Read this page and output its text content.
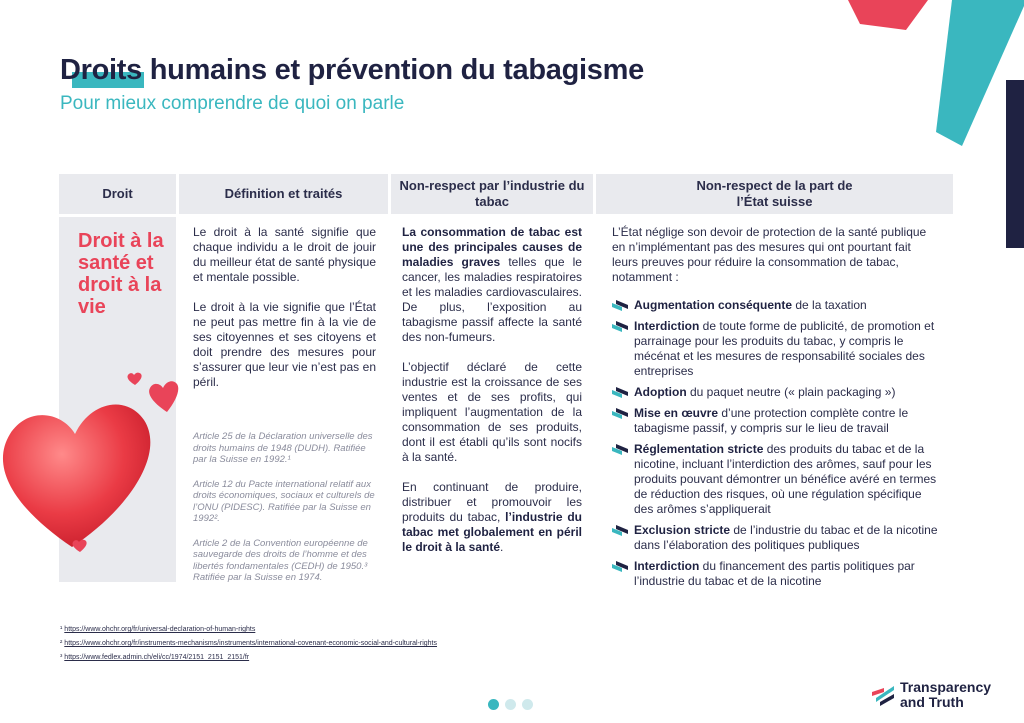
Droits humains et prévention du tabagisme
Pour mieux comprendre de quoi on parle
Droit	Définition et traités
Non-respect par l’industrie du tabac
Non-respect de la part de l’État suisse
Droit à la santé et droit à la vie

Le droit à la santé signifie que chaque individu a le droit de jouir du meilleur état de santé physique et mentale possible.

Le droit à la vie signifie que l’État ne peut pas mettre fin à la vie de ses citoyennes et ses citoyens et doit prendre des mesures pour s’assurer que leur vie n’est pas en péril.

Article 25 de la Déclaration universelle des droits humains de 1948 (DUDH). Ratifiée par la Suisse en 1992.¹

Article 12 du Pacte international relatif aux droits économiques, sociaux et culturels de l’ONU (PIDESC). Ratifiée par la Suisse en 1992².

Article 2 de la Convention européenne de sauvegarde des droits de l’homme et des libertés fondamentales (CEDH) de 1950.³ Ratifiée par la Suisse en 1974.

La consommation de tabac est une des principales causes de maladies graves telles que le cancer, les maladies respiratoires et les maladies cardiovasculaires. De plus, l’exposition au tabagisme passif affecte la santé des non-fumeurs.

L’objectif déclaré de cette industrie est la croissance de ses ventes et de ses profits, qui impliquent l’augmentation de la consommation de ses produits, dont il est établi qu’ils sont nocifs à la santé.

En continuant de produire, distribuer et promouvoir les produits du tabac, l’industrie du tabac met globalement en péril le droit à la santé.

L’État néglige son devoir de protection de la santé publique en n’implémentant pas des mesures qui ont pourtant fait leurs preuves pour réduire la consommation de tabac, notamment :
Augmentation conséquente de la taxation
Interdiction de toute forme de publicité, de promotion et parrainage pour les produits du tabac, y compris le mécénat et les mesures de responsabilité sociales des entreprises
Adoption du paquet neutre (« plain packaging »)
Mise en œuvre d’une protection complète contre le tabagisme passif, y compris sur le lieu de travail
Réglementation stricte des produits du tabac et de la nicotine, incluant l’interdiction des arômes, sauf pour les produits pouvant démontrer un bénéfice avéré en termes de réduction des risques, où une régulation spécifique des arômes s’appliquerait
Exclusion stricte de l’industrie du tabac et de la nicotine dans l’élaboration des politiques publiques
Interdiction du financement des partis politiques par l’industrie du tabac et de la nicotine
¹ https://www.ohchr.org/fr/universal-declaration-of-human-rights
² https://www.ohchr.org/fr/instruments-mechanisms/instruments/international-covenant-economic-social-and-cultural-rights
³ https://www.fedlex.admin.ch/eli/cc/1974/2151_2151_2151/fr
Transparency
and Truth
